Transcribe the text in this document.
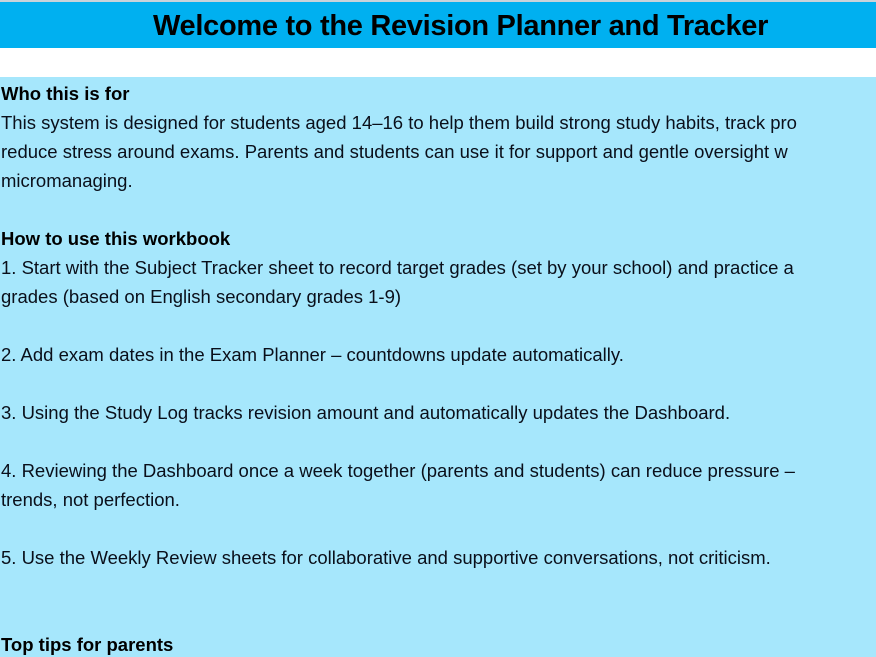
Welcome to the Revision Planner and Tracker
Who this is for
This system is designed for students aged 14–16 to help them build strong study habits, track pro
reduce stress around exams. Parents and students can use it for support and gentle oversight w
micromanaging.
How to use this workbook
1. Start with the Subject Tracker sheet to record target grades (set by your school) and practice a
grades (based on English secondary grades 1-9)
2. Add exam dates in the Exam Planner – countdowns update automatically.
3. Using the Study Log tracks revision amount and automatically updates the Dashboard.
4. Reviewing the Dashboard once a week together (parents and students) can reduce pressure –
trends, not perfection.
5. Use the Weekly Review sheets for collaborative and supportive conversations, not criticism.
Top tips for parents
